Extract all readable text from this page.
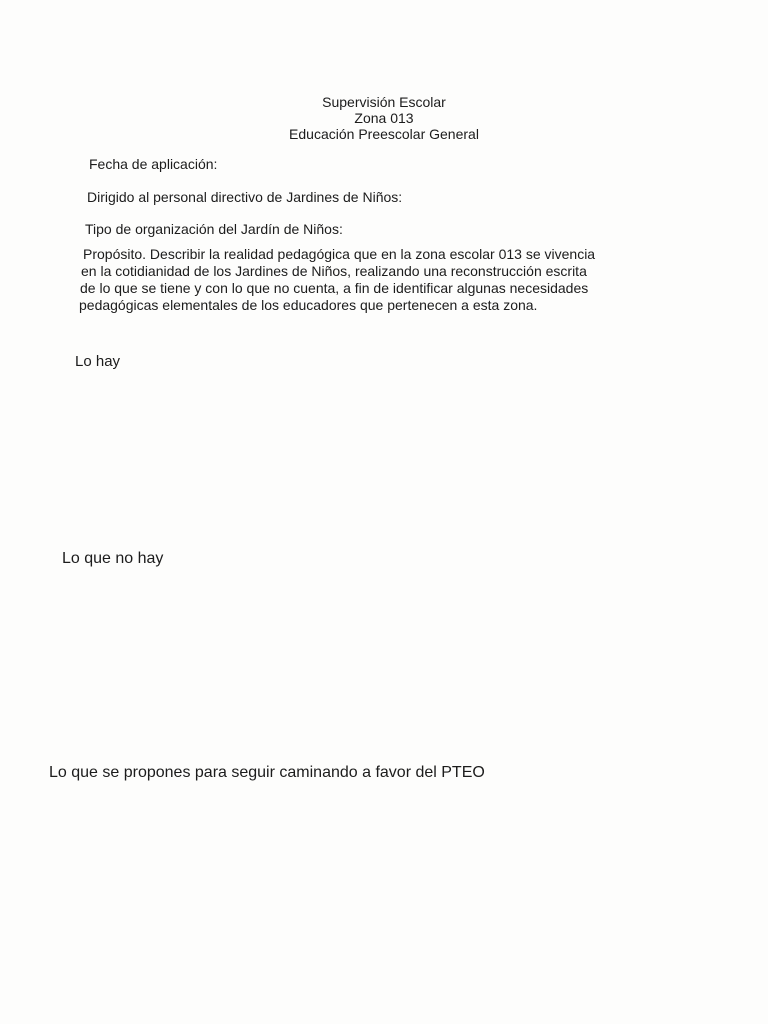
Supervisión Escolar
Zona 013
Educación Preescolar General
Fecha de aplicación:
Dirigido al personal directivo de Jardines de Niños:
Tipo de organización del Jardín de Niños:
Propósito. Describir la realidad pedagógica que en la zona escolar 013 se vivencia
en la cotidianidad de los Jardines de Niños, realizando una reconstrucción escrita
de lo que se tiene y con lo que no cuenta, a fin de identificar algunas necesidades
pedagógicas elementales de los educadores que pertenecen a esta zona.
Lo hay
Lo que no hay
Lo que se propones para seguir caminando a favor del PTEO
